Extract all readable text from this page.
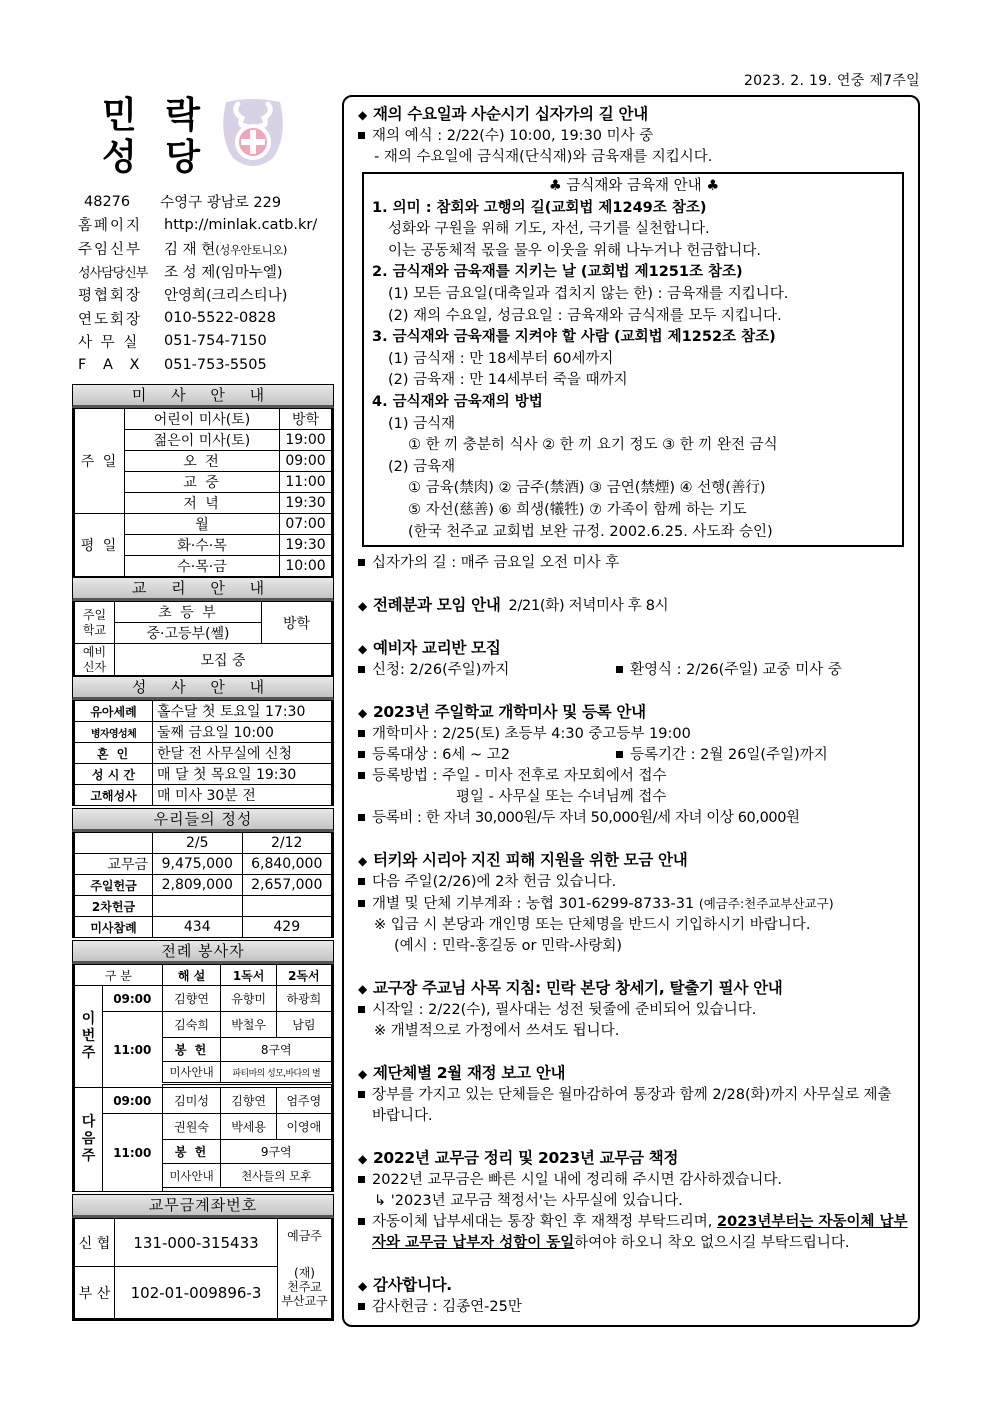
2023. 2. 19. 연중 제7주일
민 락
성 당
48276 수영구 광남로 229
홈페이지	http://minlak.catb.kr/
주임신부	김 재 현(성우안토니오)
성사담당신부	조 성 제(임마누엘)
평협회장	안영희(크리스티나)
연도회장	010-5522-0828
사 무 실	051-754-7150
F A X	051-753-5505
미 사 안 내
주 일	어린이 미사(토)	방학
	젊은이 미사(토)	19:00
	오 전	09:00
	교 중	11:00
	저 녁	19:30
평 일	월	07:00
	화·수·목	19:30
	수·목·금	10:00
교 리 안 내
주일
학교	초 등 부	방학
	중·고등부(쎌)	
예비
신자	모집 중	
성 사 안 내
유아세례	홀수달 첫 토요일 17:30
병자영성체	둘째 금요일 10:00
혼 인	한달 전 사무실에 신청
성 시 간	매 달 첫 목요일 19:30
고해성사	매 미사 30분 전
우리들의 정성
	2/5	2/12
교무금	9,475,000	6,840,000
주일헌금	2,809,000	2,657,000
2차헌금		
미사참례	434	429
전례 봉사자
구 분		해 설	1독서	2독서
이
번
주	09:00	김향연	유향미	하광희
	11:00	김숙희	박철우	남림
		봉 헌	8구역	
		미사안내	파티마의 성모,바다의 별	

다
음
주	09:00	김미성	김향연	엄주영
	11:00	권원숙	박세용	이영애
		봉 헌	9구역	
		미사안내	천사들의 모후	

교무금계좌번호
신 협	131-000-315433	예금주
(재)
천주교
부산교구

부 산	102-01-009896-3	
◆ 재의 수요일과 사순시기 십자가의 길 안내
재의 예식 : 2/22(수) 10:00, 19:30 미사 중
- 재의 수요일에 금식재(단식재)와 금육재를 지킵시다.
♣ 금식재와 금육재 안내 ♣
1. 의미 : 참회와 고행의 길(교회법 제1249조 참조)
성화와 구원을 위해 기도, 자선, 극기를 실천합니다.
이는 공동체적 몫을 물우 이웃을 위해 나누거나 헌금합니다.
2. 금식재와 금육재를 지키는 날 (교회법 제1251조 참조)
(1) 모든 금요일(대축일과 겹치지 않는 한) : 금육재를 지킵니다.
(2) 재의 수요일, 성금요일 : 금육재와 금식재를 모두 지킵니다.
3. 금식재와 금육재를 지켜야 할 사람 (교회법 제1252조 참조)
(1) 금식재 : 만 18세부터 60세까지
(2) 금육재 : 만 14세부터 죽을 때까지
4. 금식재와 금육재의 방법
(1) 금식재
① 한 끼 충분히 식사 ② 한 끼 요기 정도 ③ 한 끼 완전 금식
(2) 금육재
① 금육(禁肉) ② 금주(禁酒) ③ 금연(禁煙) ④ 선행(善行)
⑤ 자선(慈善) ⑥ 희생(犧牲) ⑦ 가족이 함께 하는 기도
(한국 천주교 교회법 보완 규정. 2002.6.25. 사도좌 승인)
십자가의 길 : 매주 금요일 오전 미사 후
◆ 전례분과 모임 안내 2/21(화) 저녁미사 후 8시
◆ 예비자 교리반 모집
신청: 2/26(주일)까지	환영식 : 2/26(주일) 교중 미사 중
◆ 2023년 주일학교 개학미사 및 등록 안내
개학미사 : 2/25(토) 초등부 4:30 중고등부 19:00
등록대상 : 6세 ~ 고2	등록기간 : 2월 26일(주일)까지
등록방법 : 주일 - 미사 전후로 자모회에서 접수
평일 - 사무실 또는 수녀님께 접수
등록비 : 한 자녀 30,000원/두 자녀 50,000원/세 자녀 이상 60,000원
◆ 터키와 시리아 지진 피해 지원을 위한 모금 안내
다음 주일(2/26)에 2차 헌금 있습니다.
개별 및 단체 기부계좌 : 농협 301-6299-8733-31 (예금주:천주교부산교구)
※ 입금 시 본당과 개인명 또는 단체명을 반드시 기입하시기 바랍니다.
(예시 : 민락-홍길동 or 민락-사랑회)
◆ 교구장 주교님 사목 지침: 민락 본당 창세기, 탈출기 필사 안내
시작일 : 2/22(수), 필사대는 성전 뒷줄에 준비되어 있습니다.
※ 개별적으로 가정에서 쓰셔도 됩니다.
◆ 제단체별 2월 재정 보고 안내
장부를 가지고 있는 단체들은 월마감하여 통장과 함께 2/28(화)까지 사무실로 제출 바랍니다.
◆ 2022년 교무금 정리 및 2023년 교무금 책정
2022년 교무금은 빠른 시일 내에 정리해 주시면 감사하겠습니다.
↳ '2023년 교무금 책정서'는 사무실에 있습니다.
자동이체 납부세대는 통장 확인 후 재책정 부탁드리며, 2023년부터는 자동이체 납부자와 교무금 납부자 성함이 동일하여야 하오니 착오 없으시길 부탁드립니다.
◆ 감사합니다.
감사헌금 : 김종연-25만
